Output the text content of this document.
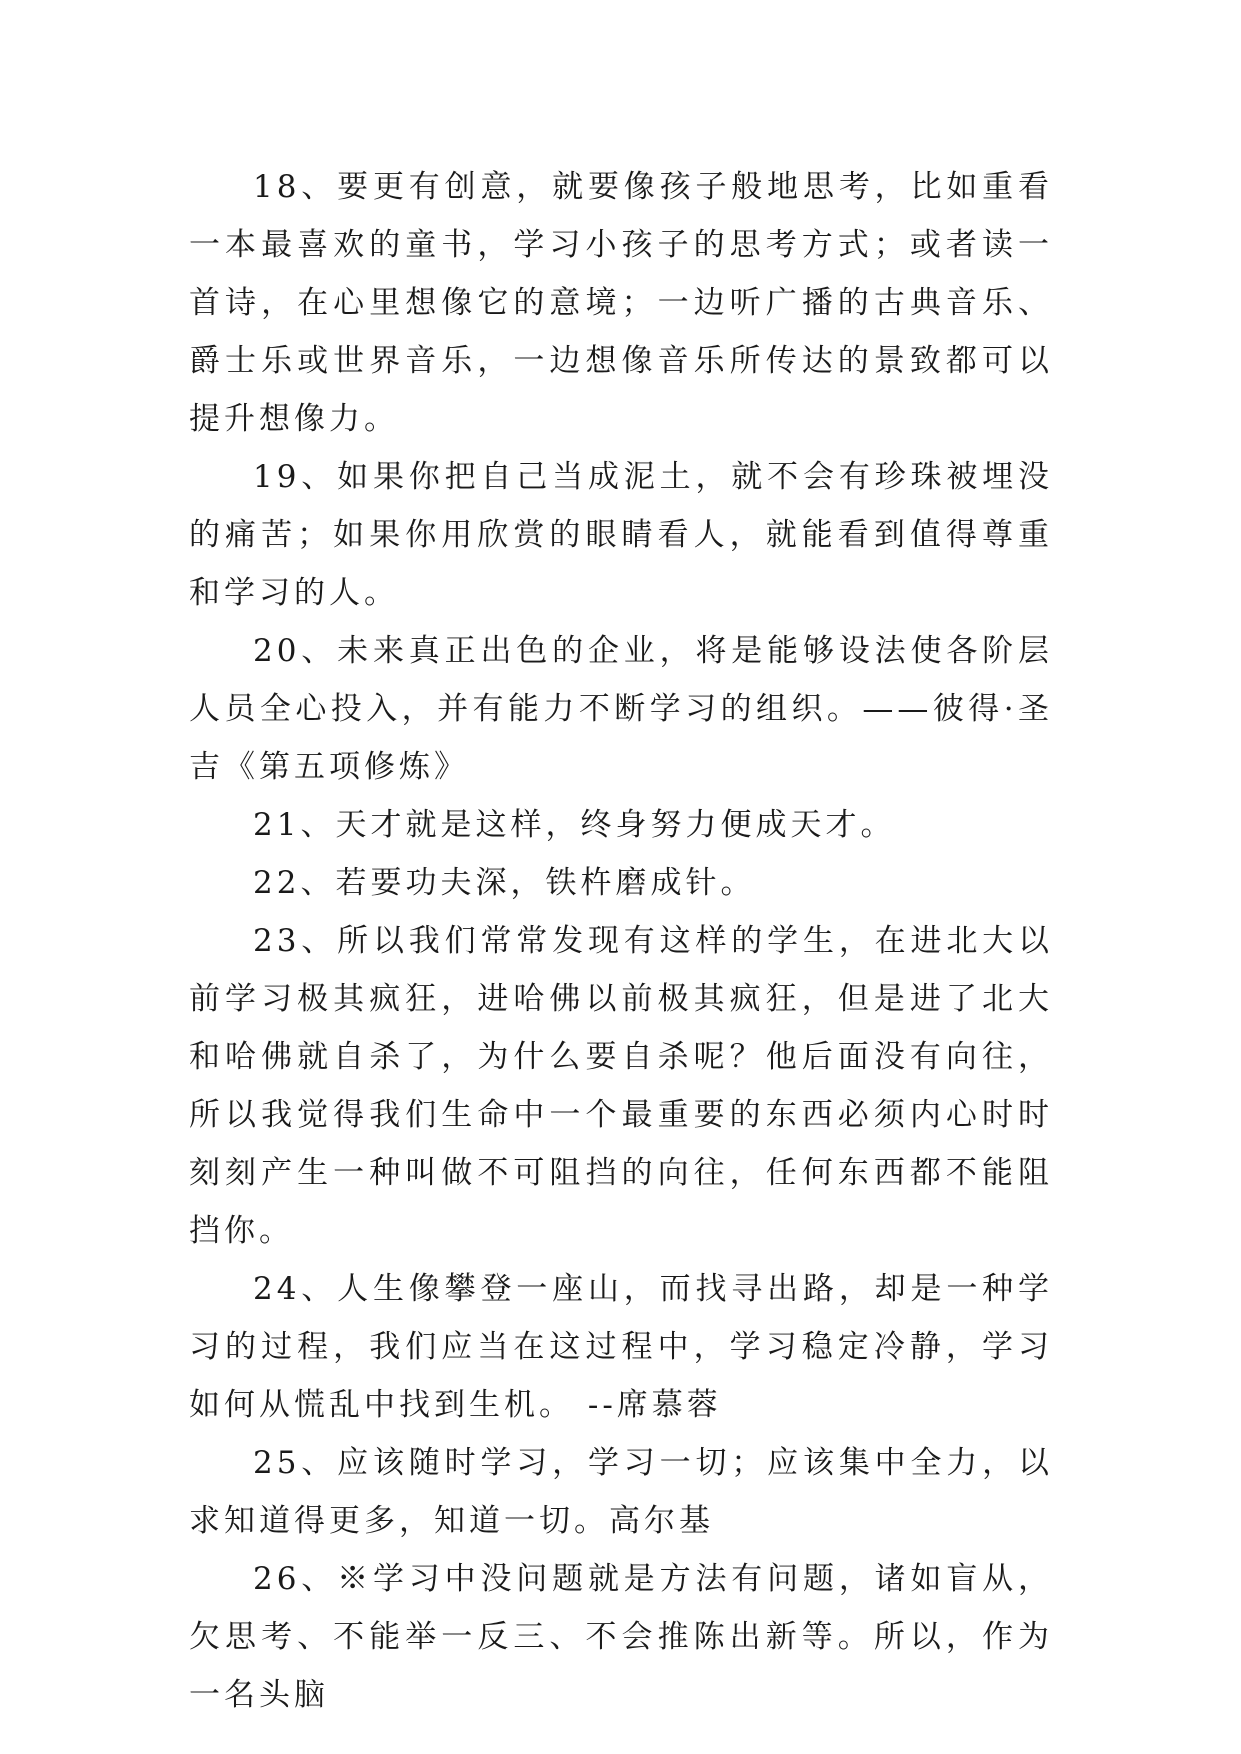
18、要更有创意，就要像孩子般地思考，比如重看一本最喜欢的童书，学习小孩子的思考方式；或者读一首诗，在心里想像它的意境；一边听广播的古典音乐、爵士乐或世界音乐，一边想像音乐所传达的景致都可以提升想像力。

19、如果你把自己当成泥土，就不会有珍珠被埋没的痛苦；如果你用欣赏的眼睛看人，就能看到值得尊重和学习的人。

20、未来真正出色的企业，将是能够设法使各阶层人员全心投入，并有能力不断学习的组织。——彼得·圣吉《第五项修炼》

21、天才就是这样，终身努力便成天才。

22、若要功夫深，铁杵磨成针。

23、所以我们常常发现有这样的学生，在进北大以前学习极其疯狂，进哈佛以前极其疯狂，但是进了北大和哈佛就自杀了，为什么要自杀呢？他后面没有向往，所以我觉得我们生命中一个最重要的东西必须内心时时刻刻产生一种叫做不可阻挡的向往，任何东西都不能阻挡你。

24、人生像攀登一座山，而找寻出路，却是一种学习的过程，我们应当在这过程中，学习稳定冷静，学习如何从慌乱中找到生机。 --席慕蓉

25、应该随时学习，学习一切；应该集中全力，以求知道得更多，知道一切。高尔基

26、※学习中没问题就是方法有问题，诸如盲从，欠思考、不能举一反三、不会推陈出新等。所以，作为一名头脑
